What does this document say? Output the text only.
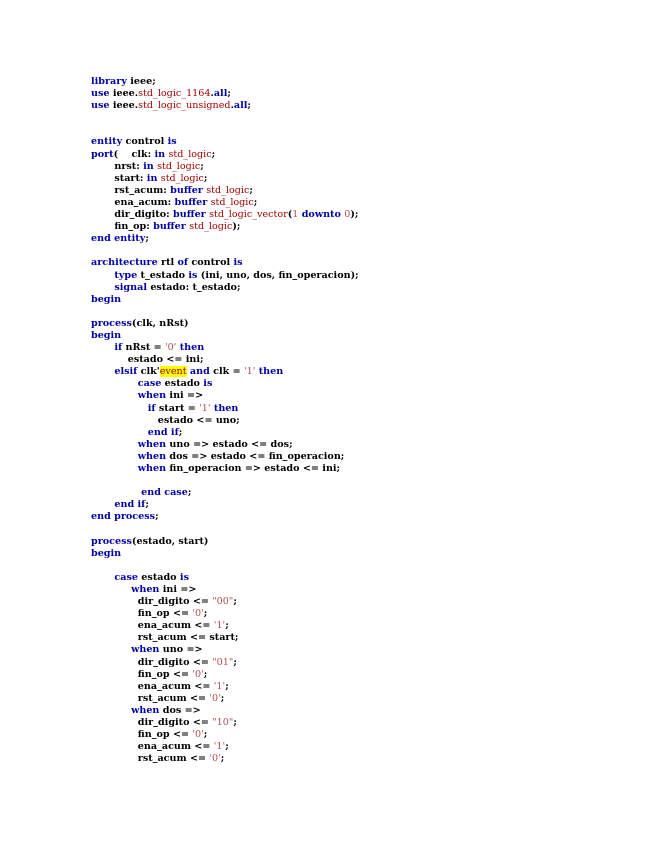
library ieee;
use ieee.std_logic_1164.all;
use ieee.std_logic_unsigned.all;

entity control is
port(    clk: in std_logic;
nrst: in std_logic;
start: in std_logic;
rst_acum: buffer std_logic;
ena_acum: buffer std_logic;
dir_digito: buffer std_logic_vector(1 downto 0);
fin_op: buffer std_logic);
end entity;

architecture rtl of control is
type t_estado is (ini, uno, dos, fin_operacion);
signal estado: t_estado;
begin

process(clk, nRst)
begin
if nRst = '0' then
estado <= ini;
elsif clk'event and clk = '1' then
case estado is
when ini =>
if start = '1' then
estado <= uno;
end if;
when uno => estado <= dos;
when dos => estado <= fin_operacion;
when fin_operacion => estado <= ini;

end case;
end if;
end process;

process(estado, start)
begin

case estado is
when ini =>
dir_digito <= "00";
fin_op <= '0';
ena_acum <= '1';
rst_acum <= start;
when uno =>
dir_digito <= "01";
fin_op <= '0';
ena_acum <= '1';
rst_acum <= '0';
when dos =>
dir_digito <= "10";
fin_op <= '0';
ena_acum <= '1';
rst_acum <= '0';
